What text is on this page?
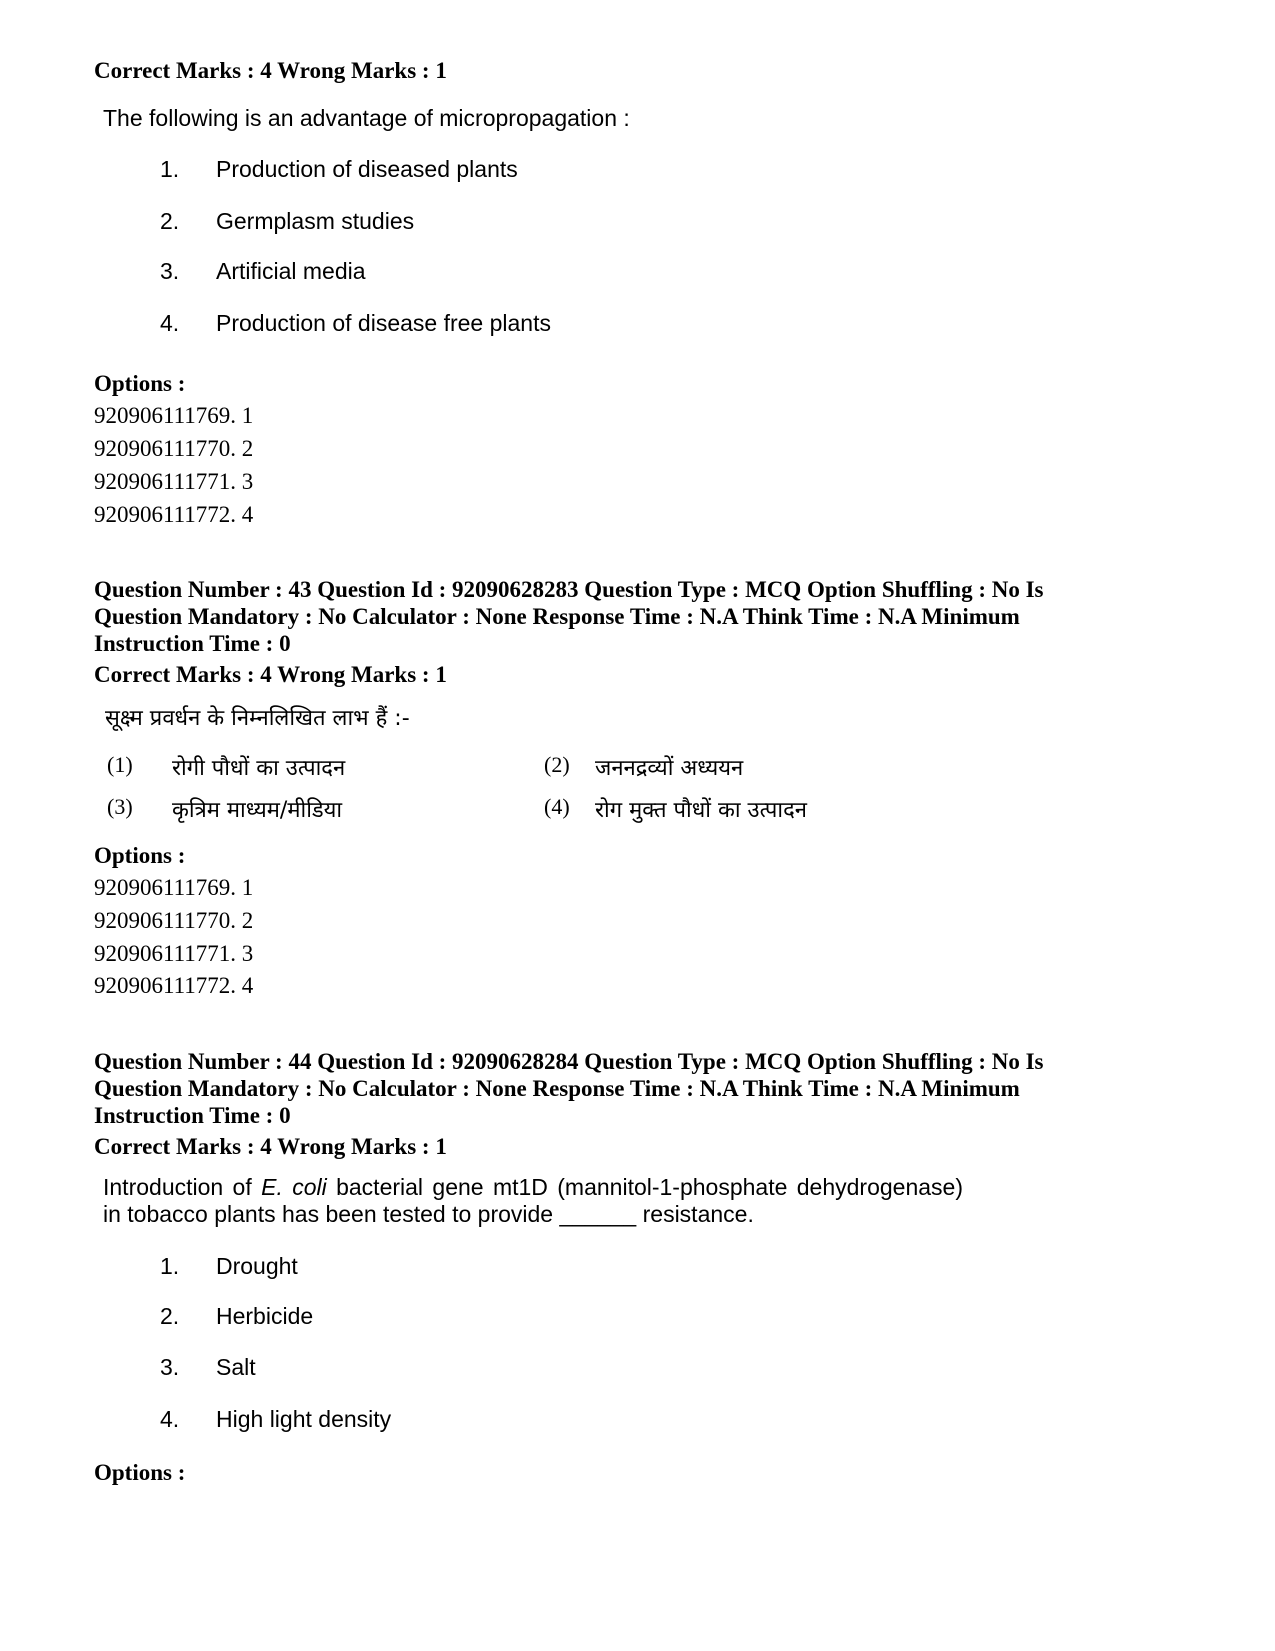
Correct Marks : 4 Wrong Marks : 1
The following is an advantage of micropropagation :
1. Production of diseased plants
2. Germplasm studies
3. Artificial media
4. Production of disease free plants
Options :
920906111769. 1
920906111770. 2
920906111771. 3
920906111772. 4
Question Number : 43 Question Id : 92090628283 Question Type : MCQ Option Shuffling : No Is
Question Mandatory : No Calculator : None Response Time : N.A Think Time : N.A Minimum
Instruction Time : 0
Correct Marks : 4 Wrong Marks : 1
सूक्ष्म प्रवर्धन के निम्नलिखित लाभ हैं :-
(1) रोगी पौधों का उत्पादन	(2) जननद्रव्यों अध्ययन
(3) कृत्रिम माध्यम/मीडिया	(4) रोग मुक्त पौधों का उत्पादन
Options :
920906111769. 1
920906111770. 2
920906111771. 3
920906111772. 4
Question Number : 44 Question Id : 92090628284 Question Type : MCQ Option Shuffling : No Is
Question Mandatory : No Calculator : None Response Time : N.A Think Time : N.A Minimum
Instruction Time : 0
Correct Marks : 4 Wrong Marks : 1
Introduction of E. coli bacterial gene mt1D (mannitol-1-phosphate dehydrogenase) in tobacco plants has been tested to provide ______ resistance.
1. Drought
2. Herbicide
3. Salt
4. High light density
Options :
